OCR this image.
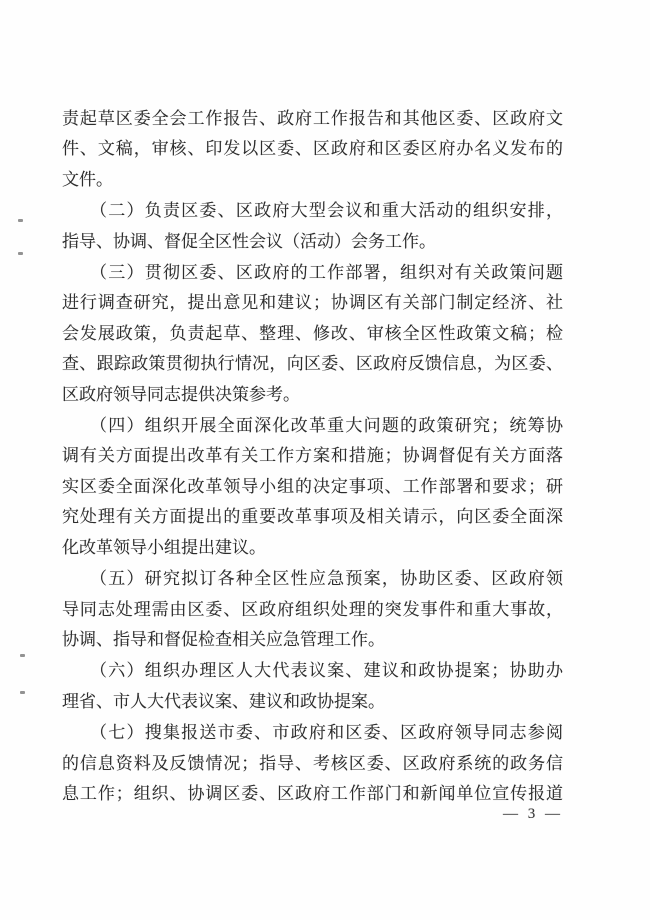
责起草区委全会工作报告、政府工作报告和其他区委、区政府文
件、文稿，审核、印发以区委、区政府和区委区府办名义发布的
文件。

　　（二）负责区委、区政府大型会议和重大活动的组织安排，
指导、协调、督促全区性会议（活动）会务工作。

　　（三）贯彻区委、区政府的工作部署，组织对有关政策问题
进行调查研究，提出意见和建议；协调区有关部门制定经济、社
会发展政策，负责起草、整理、修改、审核全区性政策文稿；检
查、跟踪政策贯彻执行情况，向区委、区政府反馈信息，为区委、
区政府领导同志提供决策参考。

　　（四）组织开展全面深化改革重大问题的政策研究；统筹协
调有关方面提出改革有关工作方案和措施；协调督促有关方面落
实区委全面深化改革领导小组的决定事项、工作部署和要求；研
究处理有关方面提出的重要改革事项及相关请示，向区委全面深
化改革领导小组提出建议。

　　（五）研究拟订各种全区性应急预案，协助区委、区政府领
导同志处理需由区委、区政府组织处理的突发事件和重大事故，
协调、指导和督促检查相关应急管理工作。

　　（六）组织办理区人大代表议案、建议和政协提案；协助办
理省、市人大代表议案、建议和政协提案。

　　（七）搜集报送市委、市政府和区委、区政府领导同志参阅
的信息资料及反馈情况；指导、考核区委、区政府系统的政务信
息工作；组织、协调区委、区政府工作部门和新闻单位宣传报道

— 3 —
